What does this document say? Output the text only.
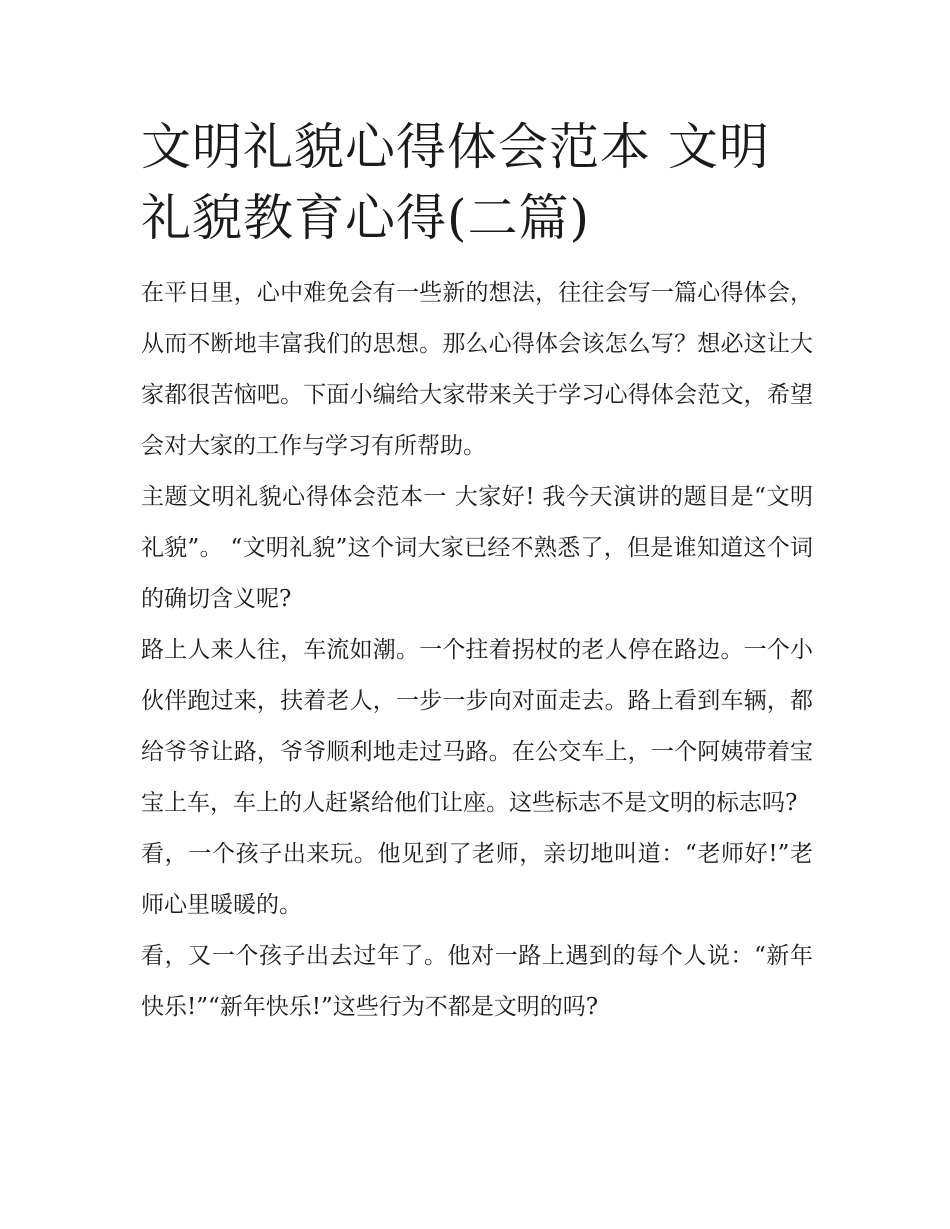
文明礼貌心得体会范本 文明礼貌教育心得(二篇)

在平日里，心中难免会有一些新的想法，往往会写一篇心得体会，从而不断地丰富我们的思想。那么心得体会该怎么写？想必这让大家都很苦恼吧。下面小编给大家带来关于学习心得体会范文，希望会对大家的工作与学习有所帮助。

主题文明礼貌心得体会范本一 大家好! 我今天演讲的题目是“文明礼貌”。 “文明礼貌”这个词大家已经不熟悉了，但是谁知道这个词的确切含义呢?

路上人来人往，车流如潮。一个拄着拐杖的老人停在路边。一个小伙伴跑过来，扶着老人，一步一步向对面走去。路上看到车辆，都给爷爷让路，爷爷顺利地走过马路。在公交车上，一个阿姨带着宝宝上车，车上的人赶紧给他们让座。这些标志不是文明的标志吗?

看，一个孩子出来玩。他见到了老师，亲切地叫道：“老师好!”老师心里暖暖的。

看，又一个孩子出去过年了。他对一路上遇到的每个人说：“新年快乐!”“新年快乐!”这些行为不都是文明的吗?
